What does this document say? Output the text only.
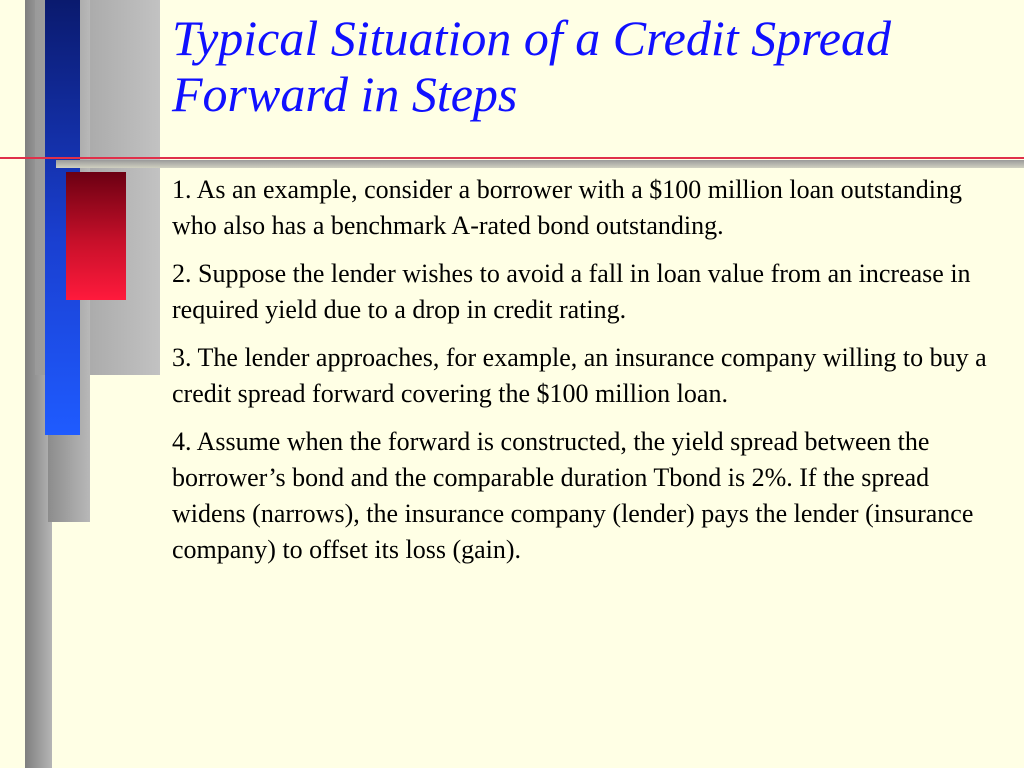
Typical Situation of a Credit Spread Forward in Steps

1. As an example, consider a borrower with a $100 million loan outstanding who also has a benchmark A-rated bond outstanding.

2. Suppose the lender wishes to avoid a fall in loan value from an increase in required yield due to a drop in credit rating.

3. The lender approaches, for example, an insurance company willing to buy a credit spread forward covering the $100 million loan.

4. Assume when the forward is constructed, the yield spread between the borrower’s bond and the comparable duration Tbond is 2%. If the spread widens (narrows), the insurance company (lender) pays the lender (insurance company) to offset its loss (gain).
